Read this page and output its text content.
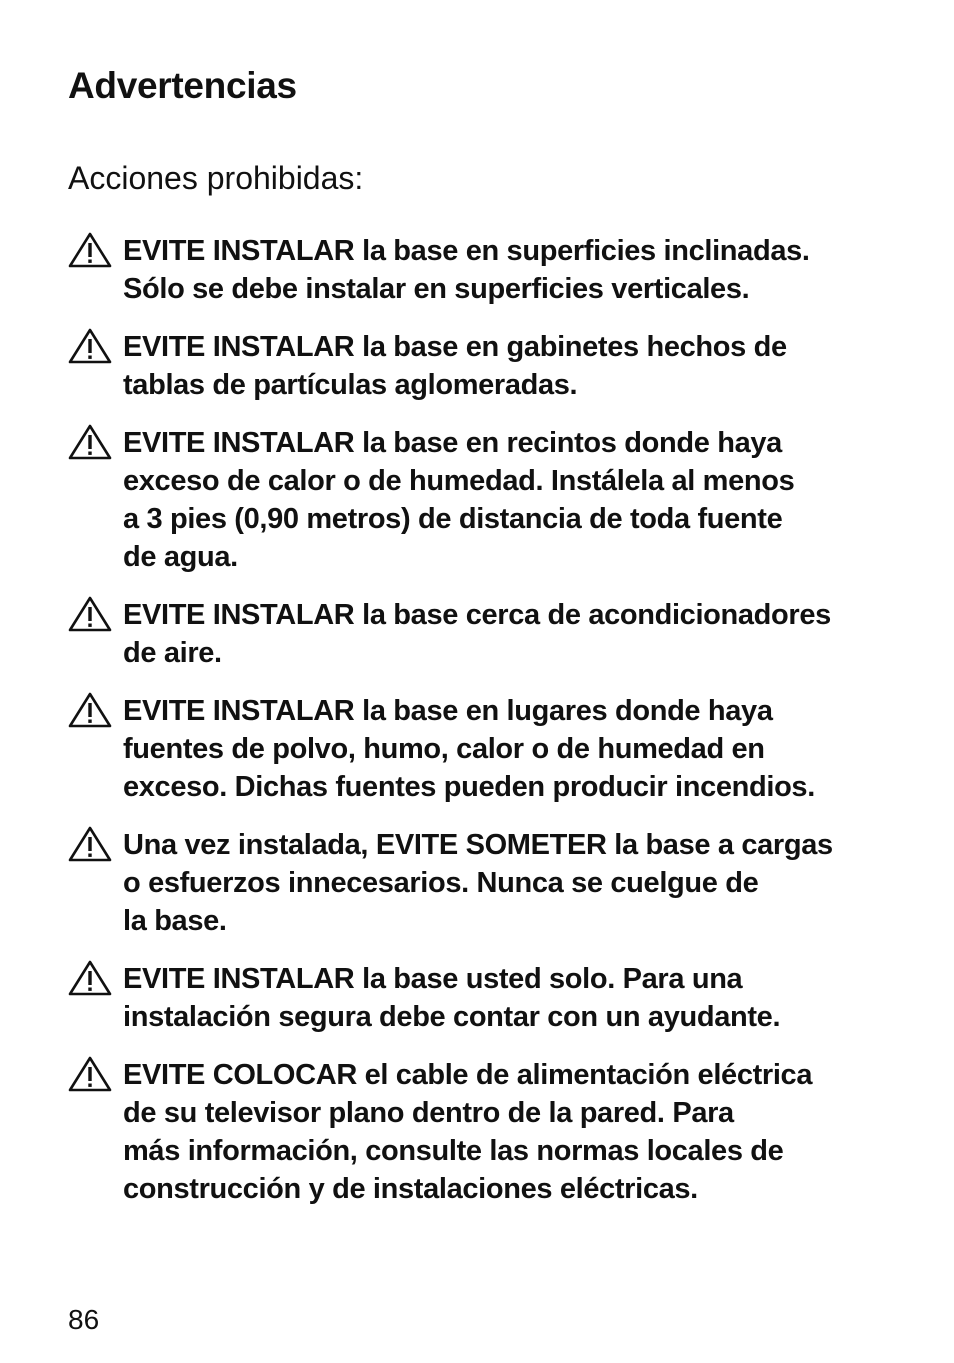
Advertencias
Acciones prohibidas:
EVITE INSTALAR la base en superficies inclinadas.
Sólo se debe instalar en superficies verticales.
EVITE INSTALAR la base en gabinetes hechos de
tablas de partículas aglomeradas.
EVITE INSTALAR la base en recintos donde haya
exceso de calor o de humedad. Instálela al menos
a 3 pies (0,90 metros) de distancia de toda fuente
de agua.
EVITE INSTALAR la base cerca de acondicionadores
de aire.
EVITE INSTALAR la base en lugares donde haya
fuentes de polvo, humo, calor o de humedad en
exceso. Dichas fuentes pueden producir incendios.
Una vez instalada, EVITE SOMETER la base a cargas
o esfuerzos innecesarios. Nunca se cuelgue de
la base.
EVITE INSTALAR la base usted solo. Para una
instalación segura debe contar con un ayudante.
EVITE COLOCAR el cable de alimentación eléctrica
de su televisor plano dentro de la pared. Para
más información, consulte las normas locales de
construcción y de instalaciones eléctricas.

86
